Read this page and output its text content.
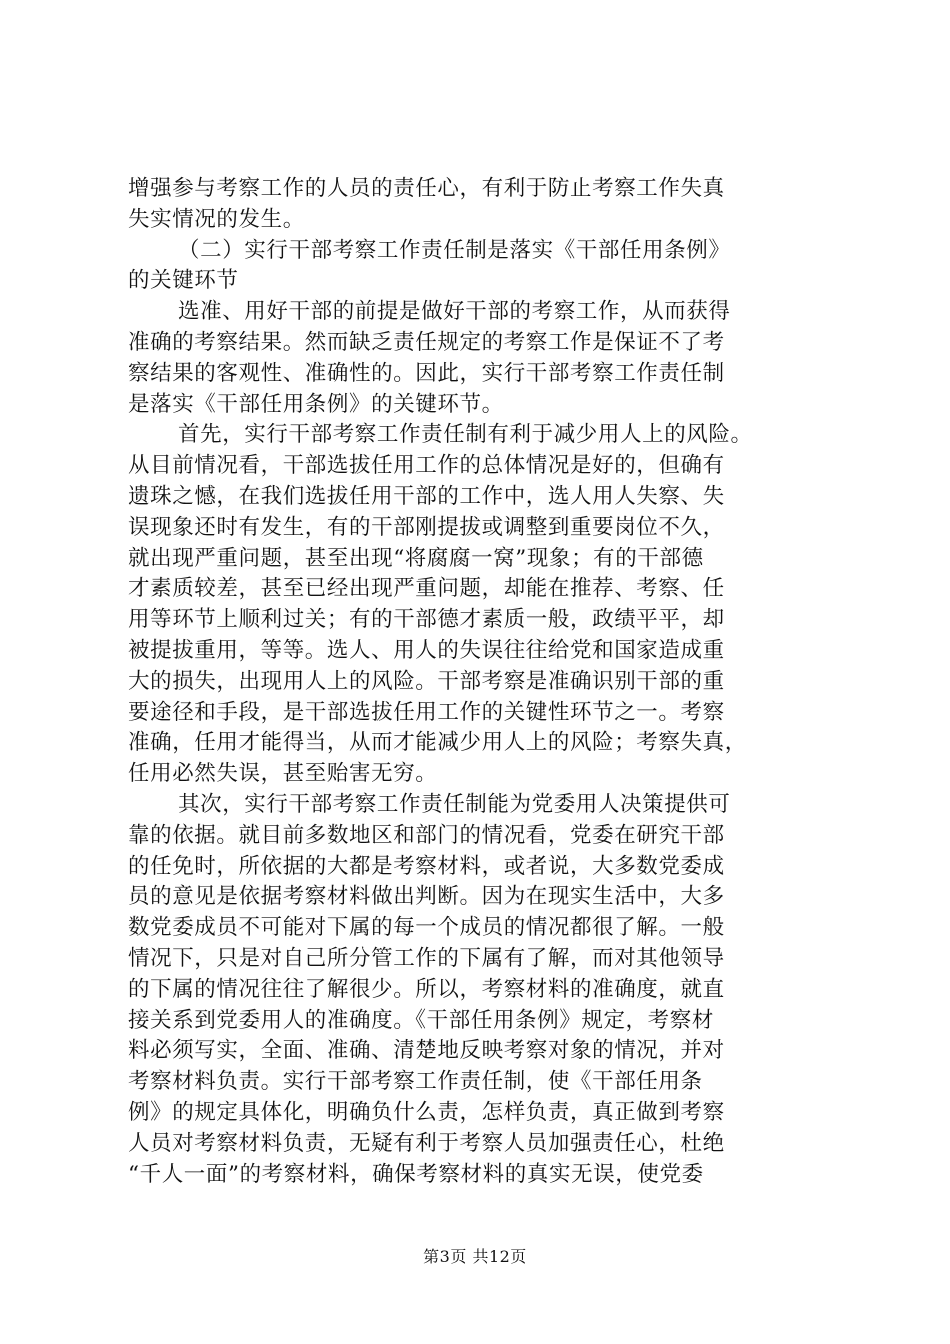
增强参与考察工作的人员的责任心，有利于防止考察工作失真
失实情况的发生。
（二）实行干部考察工作责任制是落实《干部任用条例》
的关键环节
选准、用好干部的前提是做好干部的考察工作，从而获得
准确的考察结果。然而缺乏责任规定的考察工作是保证不了考
察结果的客观性、准确性的。因此，实行干部考察工作责任制
是落实《干部任用条例》的关键环节。
首先，实行干部考察工作责任制有利于减少用人上的风险。
从目前情况看，干部选拔任用工作的总体情况是好的，但确有
遗珠之憾，在我们选拔任用干部的工作中，选人用人失察、失
误现象还时有发生，有的干部刚提拔或调整到重要岗位不久，
就出现严重问题，甚至出现“将腐腐一窝”现象；有的干部德
才素质较差，甚至已经出现严重问题，却能在推荐、考察、任
用等环节上顺利过关；有的干部德才素质一般，政绩平平，却
被提拔重用，等等。选人、用人的失误往往给党和国家造成重
大的损失，出现用人上的风险。干部考察是准确识别干部的重
要途径和手段，是干部选拔任用工作的关键性环节之一。考察
准确，任用才能得当，从而才能减少用人上的风险；考察失真，
任用必然失误，甚至贻害无穷。
其次，实行干部考察工作责任制能为党委用人决策提供可
靠的依据。就目前多数地区和部门的情况看，党委在研究干部
的任免时，所依据的大都是考察材料，或者说，大多数党委成
员的意见是依据考察材料做出判断。因为在现实生活中，大多
数党委成员不可能对下属的每一个成员的情况都很了解。一般
情况下，只是对自己所分管工作的下属有了解，而对其他领导
的下属的情况往往了解很少。所以，考察材料的准确度，就直
接关系到党委用人的准确度。《干部任用条例》规定，考察材
料必须写实，全面、准确、清楚地反映考察对象的情况，并对
考察材料负责。实行干部考察工作责任制，使《干部任用条
例》的规定具体化，明确负什么责，怎样负责，真正做到考察
人员对考察材料负责，无疑有利于考察人员加强责任心，杜绝
“千人一面”的考察材料，确保考察材料的真实无误，使党委
第3页 共12页
